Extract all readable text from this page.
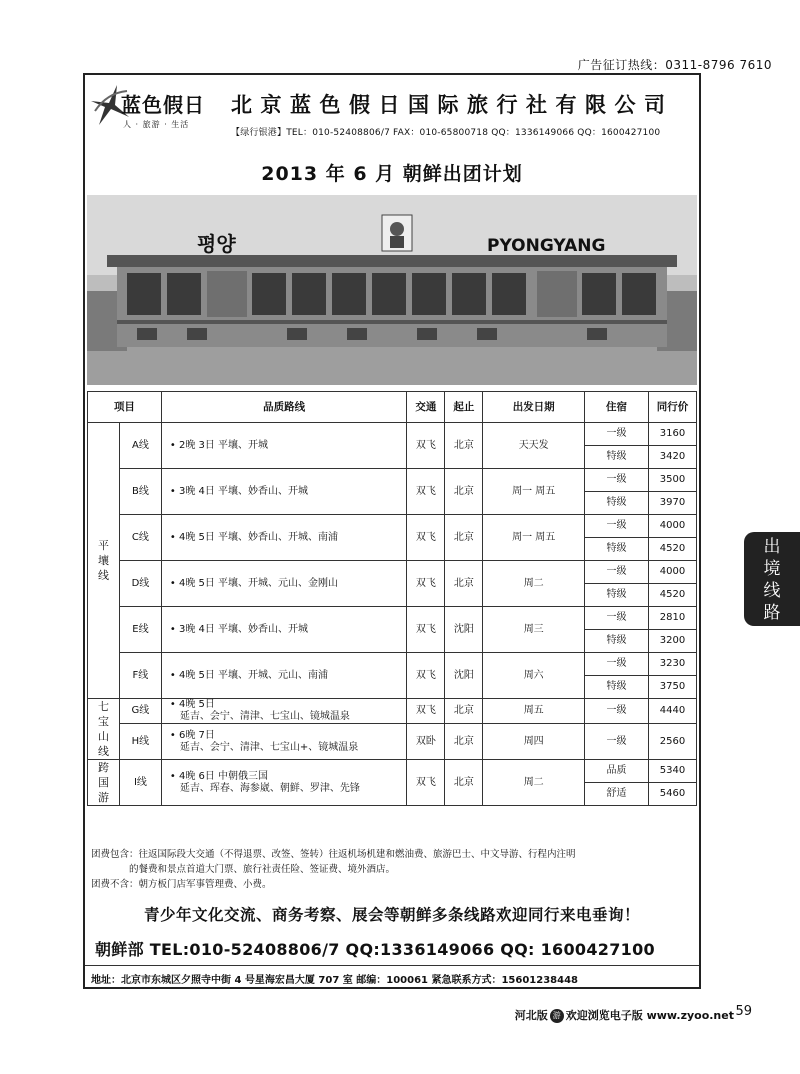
广告征订热线：0311-8796 7610
蓝色假日
人 · 旅游 · 生活
北京蓝色假日国际旅行社有限公司
【绿行银港】TEL：010-52408806/7 FAX：010-65800718 QQ：1336149066 QQ：1600427100
2013 年 6 月 朝鲜出团计划
평양	PYONGYANG
项目		品质路线	交通	起止	出发日期	住宿	同行价
平壤线	A线	• 2晚 3日 平壤、开城	双飞	北京	天天发	一级	3160
						特级	3420
	B线	• 3晚 4日 平壤、妙香山、开城	双飞	北京	周一 周五	一级	3500
						特级	3970
	C线	• 4晚 5日 平壤、妙香山、开城、南浦	双飞	北京	周一 周五	一级	4000
						特级	4520
	D线	• 4晚 5日 平壤、开城、元山、金刚山	双飞	北京	周二	一级	4000
						特级	4520
	E线	• 3晚 4日 平壤、妙香山、开城	双飞	沈阳	周三	一级	2810
						特级	3200
	F线	• 4晚 5日 平壤、开城、元山、南浦	双飞	沈阳	周六	一级	3230
						特级	3750
七宝山线	G线	• 4晚 5日
延吉、会宁、清津、七宝山、镜城温泉	双飞	北京	周五	一级	4440

	H线	• 6晚 7日
延吉、会宁、清津、七宝山+、镜城温泉	双卧	北京	周四	一级	2560

跨国游	I线	• 4晚 6日 中朝俄三国
延吉、珲春、海参崴、朝鲜、罗津、先锋	双飞	北京	周二	品质	5340
						舒适	5460
团费包含：往返国际段大交通（不得退票、改签、签转）往返机场机建和燃油费、旅游巴士、中文导游、行程内注明
的餐费和景点首道大门票、旅行社责任险、签证费、境外酒店。
团费不含：朝方板门店军事管理费、小费。
青少年文化交流、商务考察、展会等朝鲜多条线路欢迎同行来电垂询！
朝鲜部 TEL:010-52408806/7 QQ:1336149066 QQ: 1600427100
地址：北京市东城区夕照寺中街 4 号星海宏昌大厦 707 室 邮编：100061 紧急联系方式：15601238448
出境线路
河北版 游 欢迎浏览电子版 www.zyoo.net 59
